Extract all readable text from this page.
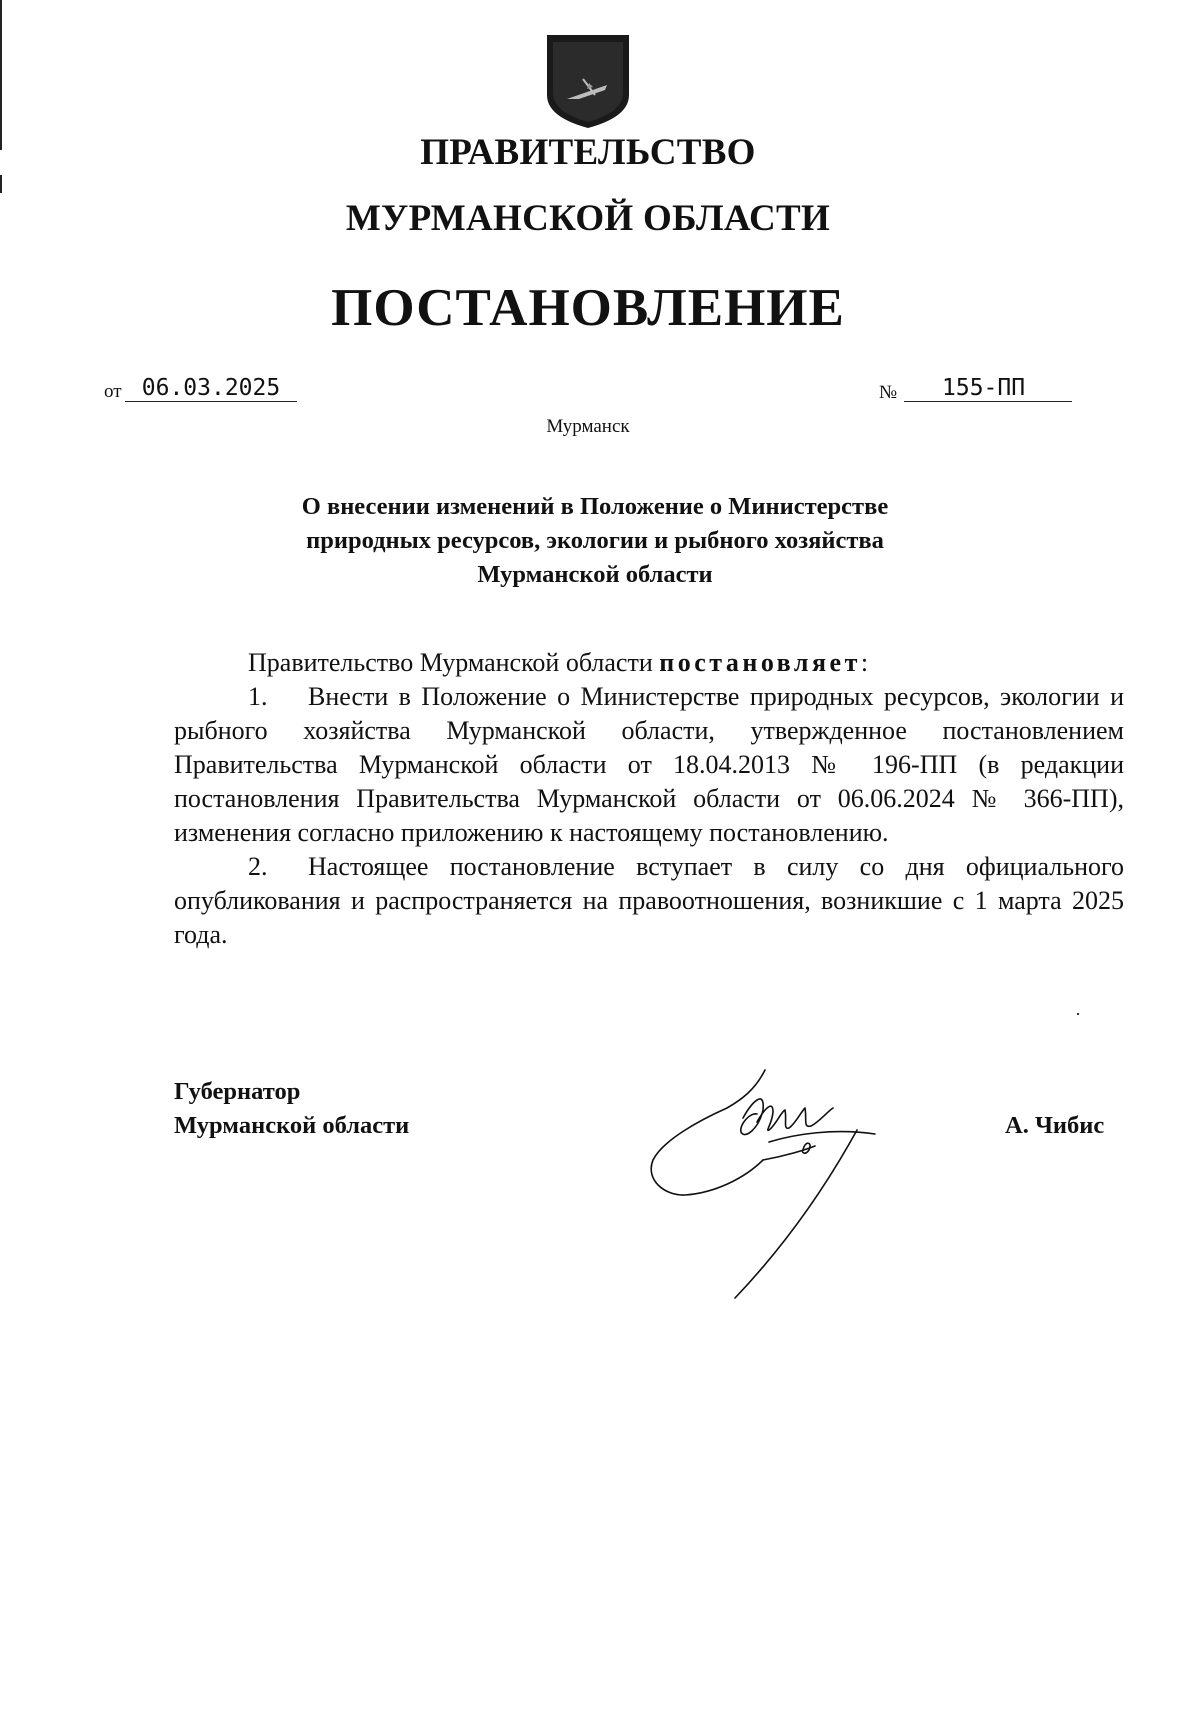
ПРАВИТЕЛЬСТВО
МУРМАНСКОЙ ОБЛАСТИ
ПОСТАНОВЛЕНИЕ
от 06.03.2025	№	155-ПП
Мурманск
О внесении изменений в Положение о Министерстве
природных ресурсов, экологии и рыбного хозяйства
Мурманской области

Правительство Мурманской области постановляет:

1. Внести в Положение о Министерстве природных ресурсов, экологии и рыбного хозяйства Мурманской области, утвержденное постановлением Правительства Мурманской области от 18.04.2013 № 196-ПП (в редакции постановления Правительства Мурманской области от 06.06.2024 № 366-ПП), изменения согласно приложению к настоящему постановлению.

2. Настоящее постановление вступает в силу со дня официального опубликования и распространяется на правоотношения, возникшие с 1 марта 2025 года.

Губернатор
Мурманской области	А. Чибис
